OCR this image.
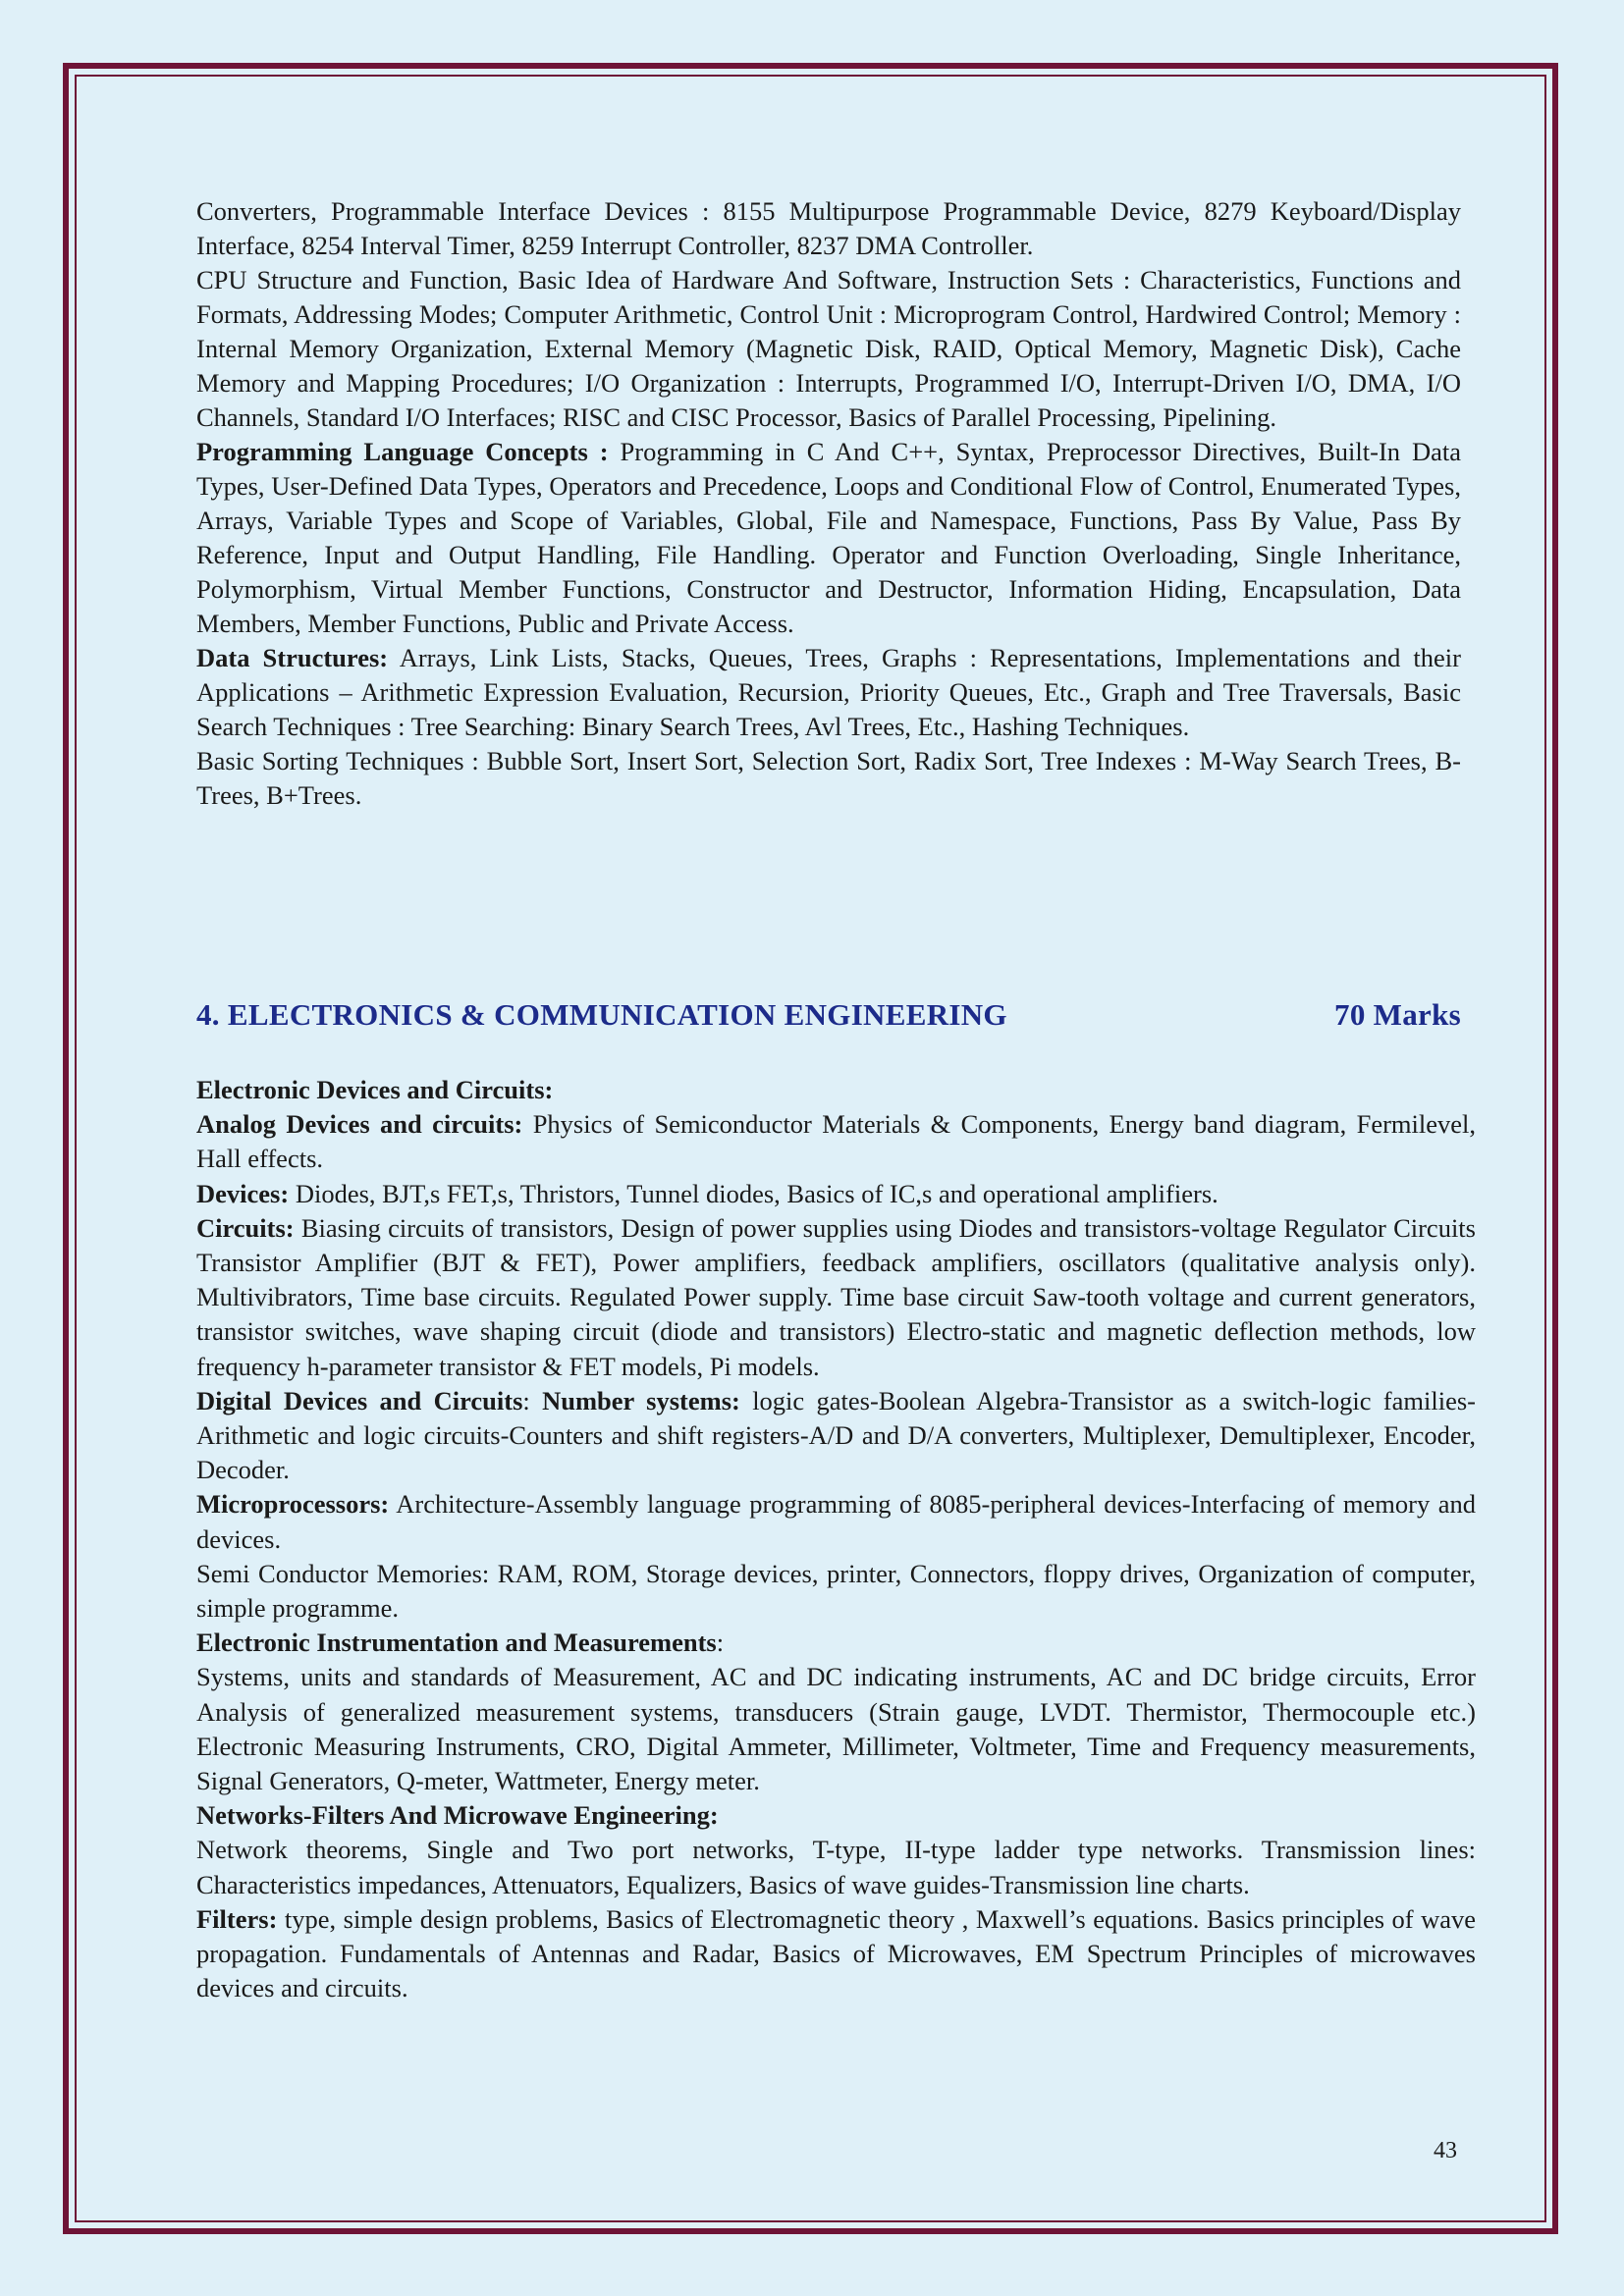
Converters, Programmable Interface Devices : 8155 Multipurpose Programmable Device, 8279 Keyboard/Display Interface, 8254 Interval Timer, 8259 Interrupt Controller, 8237 DMA Controller.

CPU Structure and Function, Basic Idea of Hardware And Software, Instruction Sets : Characteristics, Functions and Formats, Addressing Modes; Computer Arithmetic, Control Unit : Microprogram Control, Hardwired Control; Memory : Internal Memory Organization, External Memory (Magnetic Disk, RAID, Optical Memory, Magnetic Disk), Cache Memory and Mapping Procedures; I/O Organization : Interrupts, Programmed I/O, Interrupt-Driven I/O, DMA, I/O Channels, Standard I/O Interfaces; RISC and CISC Processor, Basics of Parallel Processing, Pipelining.

Programming Language Concepts : Programming in C And C++, Syntax, Preprocessor Directives, Built-In Data Types, User-Defined Data Types, Operators and Precedence, Loops and Conditional Flow of Control, Enumerated Types, Arrays, Variable Types and Scope of Variables, Global, File and Namespace, Functions, Pass By Value, Pass By Reference, Input and Output Handling, File Handling. Operator and Function Overloading, Single Inheritance, Polymorphism, Virtual Member Functions, Constructor and Destructor, Information Hiding, Encapsulation, Data Members, Member Functions, Public and Private Access.

Data Structures: Arrays, Link Lists, Stacks, Queues, Trees, Graphs : Representations, Implementations and their Applications – Arithmetic Expression Evaluation, Recursion, Priority Queues, Etc., Graph and Tree Traversals, Basic Search Techniques : Tree Searching: Binary Search Trees, Avl Trees, Etc., Hashing Techniques.

Basic Sorting Techniques : Bubble Sort, Insert Sort, Selection Sort, Radix Sort, Tree Indexes : M-Way Search Trees, B-Trees, B+Trees.

4. ELECTRONICS & COMMUNICATION ENGINEERING	70 Marks

Electronic Devices and Circuits:

Analog Devices and circuits: Physics of Semiconductor Materials & Components, Energy band diagram, Fermilevel, Hall effects.

Devices: Diodes, BJT,s FET,s, Thristors, Tunnel diodes, Basics of IC,s and operational amplifiers.

Circuits: Biasing circuits of transistors, Design of power supplies using Diodes and transistors-voltage Regulator Circuits Transistor Amplifier (BJT & FET), Power amplifiers, feedback amplifiers, oscillators (qualitative analysis only). Multivibrators, Time base circuits. Regulated Power supply. Time base circuit Saw-tooth voltage and current generators, transistor switches, wave shaping circuit (diode and transistors) Electro-static and magnetic deflection methods, low frequency h-parameter transistor & FET models, Pi models.

Digital Devices and Circuits: Number systems: logic gates-Boolean Algebra-Transistor as a switch-logic families-Arithmetic and logic circuits-Counters and shift registers-A/D and D/A converters, Multiplexer, Demultiplexer, Encoder, Decoder.

Microprocessors: Architecture-Assembly language programming of 8085-peripheral devices-Interfacing of memory and devices.

Semi Conductor Memories: RAM, ROM, Storage devices, printer, Connectors, floppy drives, Organization of computer, simple programme.

Electronic Instrumentation and Measurements:

Systems, units and standards of Measurement, AC and DC indicating instruments, AC and DC bridge circuits, Error Analysis of generalized measurement systems, transducers (Strain gauge, LVDT. Thermistor, Thermocouple etc.) Electronic Measuring Instruments, CRO, Digital Ammeter, Millimeter, Voltmeter, Time and Frequency measurements, Signal Generators, Q-meter, Wattmeter, Energy meter.

Networks-Filters And Microwave Engineering:

Network theorems, Single and Two port networks, T-type, II-type ladder type networks. Transmission lines: Characteristics impedances, Attenuators, Equalizers, Basics of wave guides-Transmission line charts.

Filters: type, simple design problems, Basics of Electromagnetic theory , Maxwell’s equations. Basics principles of wave propagation. Fundamentals of Antennas and Radar, Basics of Microwaves, EM Spectrum Principles of microwaves devices and circuits.

43
